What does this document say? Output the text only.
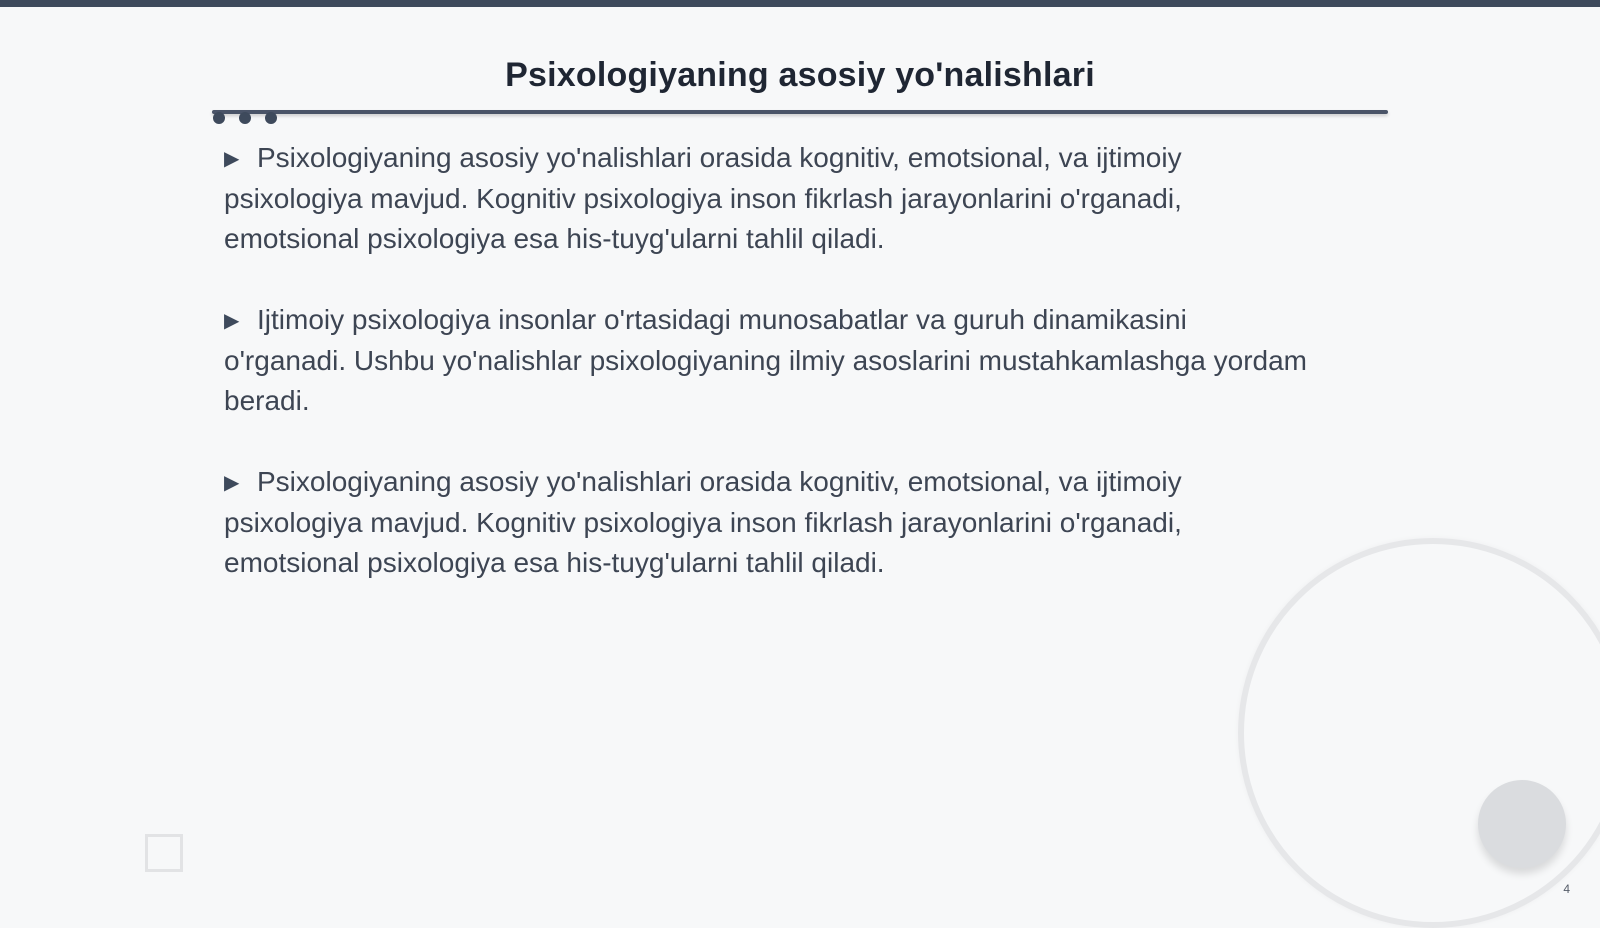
Psixologiyaning asosiy yo'nalishlari
▶ Psixologiyaning asosiy yo'nalishlari orasida kognitiv, emotsional, va ijtimoiy psixologiya mavjud. Kognitiv psixologiya inson fikrlash jarayonlarini o'rganadi, emotsional psixologiya esa his-tuyg'ularni tahlil qiladi.
▶ Ijtimoiy psixologiya insonlar o'rtasidagi munosabatlar va guruh dinamikasini o'rganadi. Ushbu yo'nalishlar psixologiyaning ilmiy asoslarini mustahkamlashga yordam beradi.
▶ Psixologiyaning asosiy yo'nalishlari orasida kognitiv, emotsional, va ijtimoiy psixologiya mavjud. Kognitiv psixologiya inson fikrlash jarayonlarini o'rganadi, emotsional psixologiya esa his-tuyg'ularni tahlil qiladi.
4
